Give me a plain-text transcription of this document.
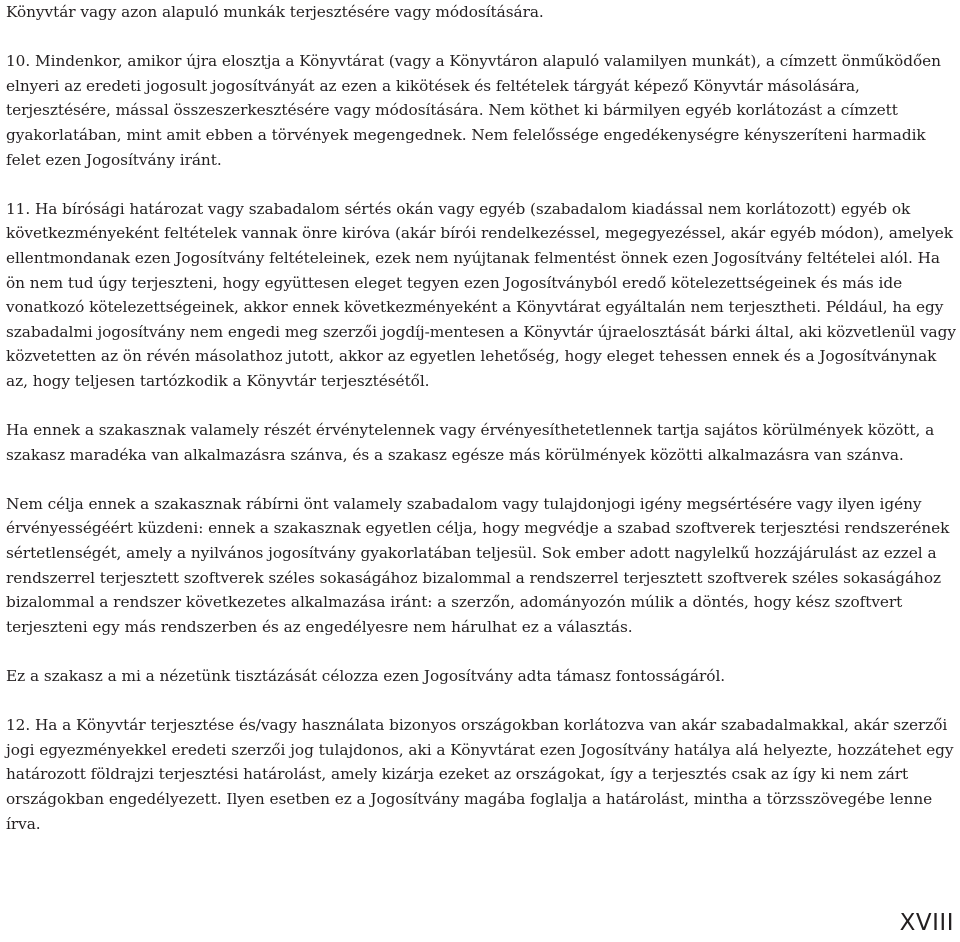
Könyvtár vagy azon alapuló munkák terjesztésére vagy módosítására.

10. Mindenkor, amikor újra elosztja a Könyvtárat (vagy a Könyvtáron alapuló valamilyen munkát), a címzett önműködően elnyeri az eredeti jogosult jogosítványát az ezen a kikötések és feltételek tárgyát képező Könyvtár másolására, terjesztésére, mással összeszerkesztésére vagy módosítására. Nem köthet ki bármilyen egyéb korlátozást a címzett gyakorlatában, mint amit ebben a törvények megengednek. Nem felelőssége engedékenységre kényszeríteni harmadik felet ezen Jogosítvány iránt.

11. Ha bírósági határozat vagy szabadalom sértés okán vagy egyéb (szabadalom kiadással nem korlátozott) egyéb ok következményeként feltételek vannak önre kiróva (akár bírói rendelkezéssel, megegyezéssel, akár egyéb módon), amelyek ellentmondanak ezen Jogosítvány feltételeinek, ezek nem nyújtanak felmentést önnek ezen Jogosítvány feltételei alól. Ha ön nem tud úgy terjeszteni, hogy együttesen eleget tegyen ezen Jogosítványból eredő kötelezettségeinek és más ide vonatkozó kötelezettségeinek, akkor ennek következményeként a Könyvtárat egyáltalán nem terjesztheti. Például, ha egy szabadalmi jogosítvány nem engedi meg szerzői jogdíj-mentesen a Könyvtár újraelosztását bárki által, aki közvetlenül vagy közvetetten az ön révén másolathoz jutott, akkor az egyetlen lehetőség, hogy eleget tehessen ennek és a Jogosítványnak az, hogy teljesen tartózkodik a Könyvtár terjesztésétől.

Ha ennek a szakasznak valamely részét érvénytelennek vagy érvényesíthetetlennek tartja sajátos körülmények között, a szakasz maradéka van alkalmazásra szánva, és a szakasz egésze más körülmények közötti alkalmazásra van szánva.

Nem célja ennek a szakasznak rábírni önt valamely szabadalom vagy tulajdonjogi igény megsértésére vagy ilyen igény érvényességéért küzdeni: ennek a szakasznak egyetlen célja, hogy megvédje a szabad szoftverek terjesztési rendszerének sértetlenségét, amely a nyilvános jogosítvány gyakorlatában teljesül. Sok ember adott nagylelkű hozzájárulást az ezzel a rendszerrel terjesztett szoftverek széles sokaságához bizalommal a rendszerrel terjesztett szoftverek széles sokaságához bizalommal a rendszer következetes alkalmazása iránt: a szerzőn, adományozón múlik a döntés, hogy kész szoftvert terjeszteni egy más rendszerben és az engedélyesre nem hárulhat ez a választás.

Ez a szakasz a mi a nézetünk tisztázását célozza ezen Jogosítvány adta támasz fontosságáról.

12. Ha a Könyvtár terjesztése és/vagy használata bizonyos országokban korlátozva van akár szabadalmakkal, akár szerzői jogi egyezményekkel eredeti szerzői jog tulajdonos, aki a Könyvtárat ezen Jogosítvány hatálya alá helyezte, hozzátehet egy határozott földrajzi terjesztési határolást, amely kizárja ezeket az országokat, így a terjesztés csak az így ki nem zárt országokban engedélyezett. Ilyen esetben ez a Jogosítvány magába foglalja a határolást, mintha a törzsszövegébe lenne írva.

XVIII
